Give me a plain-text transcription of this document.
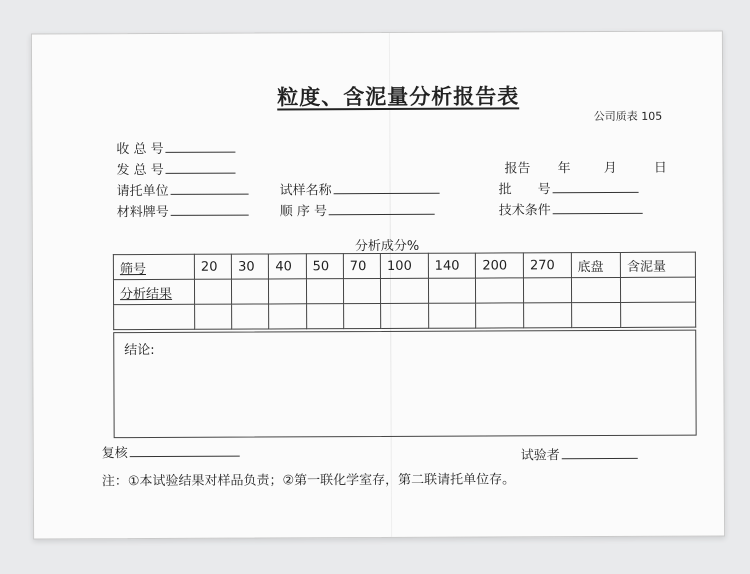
粒度、含泥量分析报告表
公司质表 105
收 总 号
发 总 号
请托单位
材料牌号
试样名称
顺 序 号
报告 年	月	日
批　　号
技术条件
分析成分%
筛号	20	30	40	50	70	100	140	200	270	底盘	含泥量
分析结果											

结论:
复核	试验者
注：①本试验结果对样品负责；②第一联化学室存，第二联请托单位存。
